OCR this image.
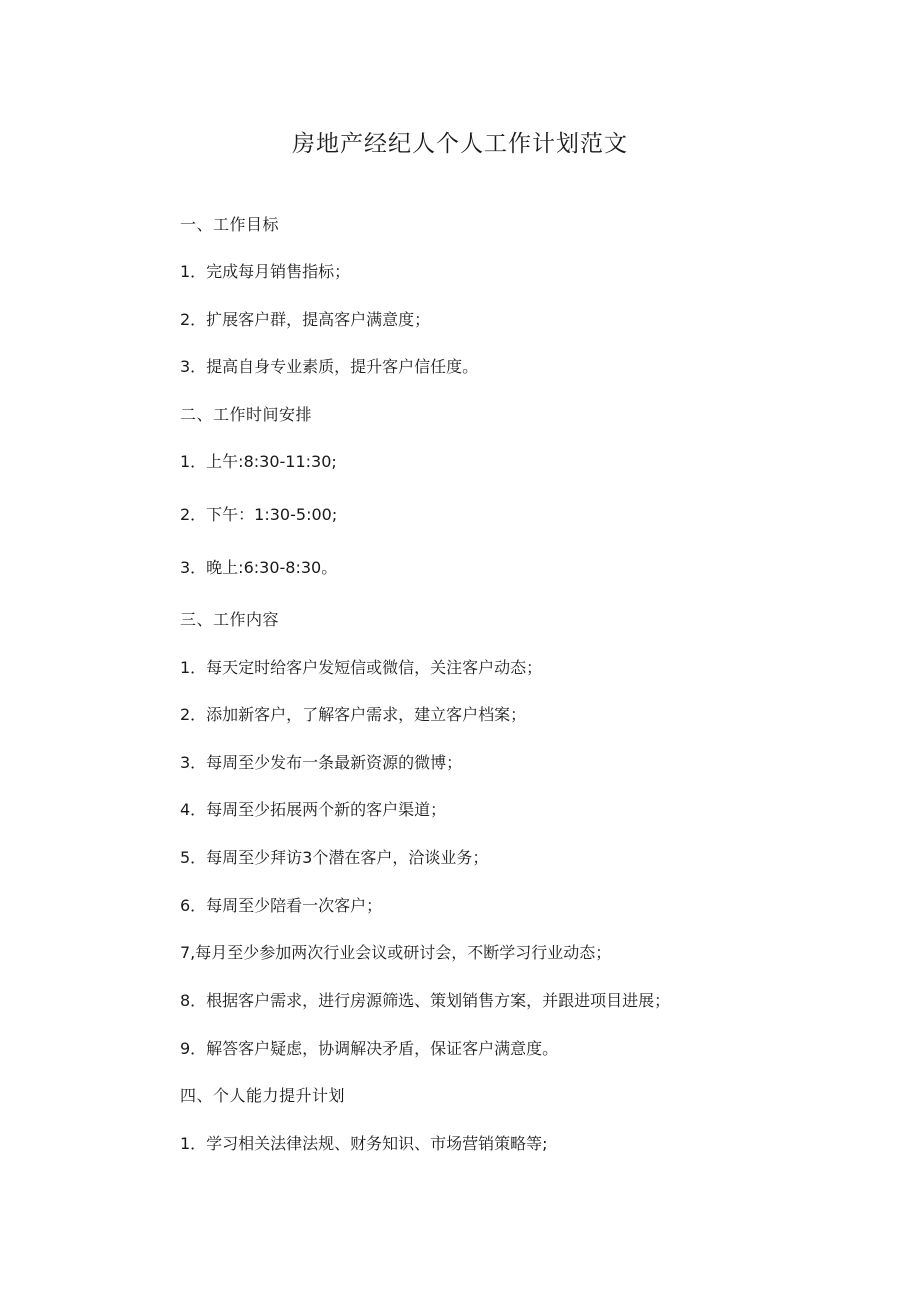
房地产经纪人个人工作计划范文
一、工作目标
1．完成每月销售指标；
2．扩展客户群，提高客户满意度；
3．提高自身专业素质，提升客户信任度。
二、工作时间安排
1．上午:8:30-11:30;
2．下午：1:30-5:00;
3．晚上:6:30-8:30。
三、工作内容
1．每天定时给客户发短信或微信，关注客户动态；
2．添加新客户，了解客户需求，建立客户档案；
3．每周至少发布一条最新资源的微博；
4．每周至少拓展两个新的客户渠道；
5．每周至少拜访3个潜在客户，洽谈业务；
6．每周至少陪看一次客户；
7,每月至少参加两次行业会议或研讨会，不断学习行业动态；
8．根据客户需求，进行房源筛选、策划销售方案，并跟进项目进展；
9．解答客户疑虑，协调解决矛盾，保证客户满意度。
四、个人能力提升计划
1．学习相关法律法规、财务知识、市场营销策略等;
